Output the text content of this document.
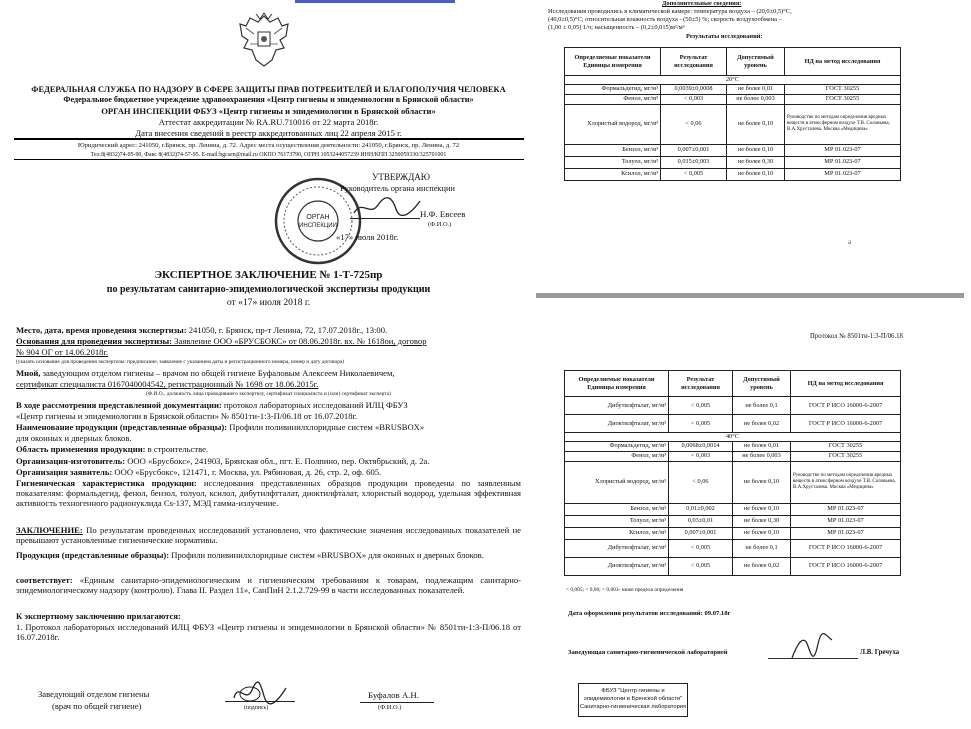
ФЕДЕРАЛЬНАЯ СЛУЖБА ПО НАДЗОРУ В СФЕРЕ ЗАЩИТЫ ПРАВ ПОТРЕБИТЕЛЕЙ И БЛАГОПОЛУЧИЯ ЧЕЛОВЕКА
Федеральное бюджетное учреждение здравоохранения «Центр гигиены и эпидемиологии в Брянской области»
ОРГАН ИНСПЕКЦИИ ФБУЗ «Центр гигиены и эпидемиологии в Брянской области»
Аттестат аккредитации № RA.RU.710016 от 22 марта 2018г.
Дата внесения сведений в реестр аккредитованных лиц 22 апреля 2015 г.
Юридический адрес: 241050, г.Брянск, пр. Ленина, д. 72. Адрес места осуществления деятельности: 241050, г.Брянск, пр. Ленина, д. 72
Тел.8(4832)74-95-90, Факс 8(4832)74-57-95. E-mail:bgcsen@mail.ru ОКПО 76173790, ОГРН 1053244057239 ИНН/КПП 3250059330/325701001
ОРГАН
ИНСПЕКЦИИ
УТВЕРЖДАЮ
Руководитель органа инспекции
Н.Ф. Евсеев
(Ф.И.О.)
«17» июля 2018г.
ЭКСПЕРТНОЕ ЗАКЛЮЧЕНИЕ № 1-Т-725пр
по результатам санитарно-эпидемиологической экспертизы продукции
от «17» июля 2018 г.
Место, дата, время проведения экспертизы: 241050, г. Брянск, пр-т Ленина, 72, 17.07.2018г., 13:00.
Основания для проведения экспертизы: Заявление ООО «БРУСБОКС» от 08.06.2018г. вх. № 1618ои, договор
№ 904 ОГ от 14.06.2018г.
(указать основание для проведения экспертизы: предписание, заявление с указанием даты и регистрационного номера, номер и дату договора)
Мной, заведующим отделом гигиены – врачом по общей гигиене Буфаловым Алексеем Николаевичем,
сертификат специалиста 0167040004542, регистрационный № 1698 от 18.06.2015г.
(Ф.И.О., должность лица проводившего экспертизу, сертификат специалиста и (или) сертификат эксперта)
В ходе рассмотрения представленной документации: протокол лабораторных исследований ИЛЦ ФБУЗ
«Центр гигиены и эпидемиологии в Брянской области» № 8501ти-1:3-П/06.18 от 16.07.2018г.
Наименование продукции (представленные образцы): Профили поливинилхлоридные систем «BRUSBOX»
для оконных и дверных блоков.
Область применения продукции: в строительстве.
Организация-изготовитель: ООО «Брусбокс», 241903, Брянская обл., пгт. Е. Полпино, пер. Октябрьский, д. 2а.
Организация заявитель: ООО «Брусбокс», 121471, г. Москва, ул. Рябиновая, д. 26, стр. 2, оф. 605.
Гигиеническая характеристика продукции: исследования представленных образцов продукции проведены по заявленным показателям: формальдегид, фенол, бензол, толуол, ксилол, дибутилфтталат, диоктилфталат, хлористый водород, удельная эффективная активность техногенного радионуклида Cs-137, МЭД гамма-излучение.
ЗАКЛЮЧЕНИЕ: По результатам проведенных исследований установлено, что фактические значения исследованных показателей не превышают установленные гигиенические нормативы.
Продукция (представленные образцы): Профили поливинилхлоридные систем «BRUSBOX» для оконных и дверных блоков.
соответствует: «Единым санитарно-эпидемиологическим и гигиеническим требованиям к товарам, подлежащим санитарно-эпидемиологическому надзору (контролю). Глава II. Раздел 11», СанПиН 2.1.2.729-99 в части исследованных показателей.
К экспертному заключению прилагаются:
1. Протокол лабораторных исследований ИЛЦ ФБУЗ «Центр гигиены и эпидемиологии в Брянской области» № 8501ти-1:3-П/06.18 от 16.07.2018г.
Заведующий отделом гигиены
(врач по общей гигиене)	(подпись)
Буфалов А.Н.
(Ф.И.О.)
Дополнительные сведения:
Исследования проводились в климатической камере: температура воздуха – (20,0±0,5)°С,
(40,0±0,5)°С; относительная влажность воздуха - (50±5) %; скорость воздухообмена –
(1,00 ± 0,05) 1/ч; насыщенность – (0,2±0,015)м²/м³
Результаты исследований:
Определяемые показатели Единицы измерения	Результат исследования	Допустимый уровень	НД на метод исследования
20°С			
Формальдегид, мг/м³	0,0039±0,0008	не более 0,01	ГОСТ 30255
Фенол, мг/м³	< 0,003	не более 0,003	ГОСТ 30255
Хлористый водород, мг/м³	< 0,06	не более 0,10	Руководство по методам определения вредных веществ в атмосферном воздухе Т.В. Соловьева, В.А.Хрусталева. Москва «Медицина»
Бензол, мг/м³	0,007±0,001	не более 0,10	МР 01.023-07
Толуол, мг/м³	0,015±0,003	не более 0,30	МР 01.023-07
Ксилол, мг/м³	< 0,005	не более 0,10	МР 01.023-07
a
Протокол № 8501ти-1:3-П/06.18
Определяемые показатели Единицы измерения	Результат исследования	Допустимый уровень	НД на метод исследования
Дибутилфталат, мг/м³	< 0,005	не более 0,1	ГОСТ Р ИСО 16000-6-2007
Диоктилфталат, мг/м³	< 0,005	не более 0,02	ГОСТ Р ИСО 16000-6-2007
40°С			
Формальдегид, мг/м³	0,0068±0,0014	не более 0,01	ГОСТ 30255
Фенол, мг/м³	< 0,003	не более 0,003	ГОСТ 30255
Хлористый водород, мг/м³	< 0,06	не более 0,10	Руководство по методам определения вредных веществ в атмосферном воздухе Т.В. Соловьева, В.А.Хрусталева. Москва «Медицина»
Бензол, мг/м³	0,01±0,002	не более 0,10	МР 01.023-07
Толуол, мг/м³	0,03±0,01	не более 0,30	МР 01.023-07
Ксилол, мг/м³	0,007±0,001	не более 0,10	МР 01.023-07
Дибутилфталат, мг/м³	< 0,005	не более 0,1	ГОСТ Р ИСО 16000-6-2007
Диоктилфталат, мг/м³	< 0,005	не более 0,02	ГОСТ Р ИСО 16000-6-2007
< 0,005; < 0,06; < 0,003- ниже предела определения
Дата оформления результатов исследований: 09.07.18г
Заведующая санитарно-гигиенической лабораторией	Л.В. Гречуха
ФБУЗ "Центр гигиены и
эпидемиологии в Брянской области"
Санитарно-гигиеническая лаборатория
